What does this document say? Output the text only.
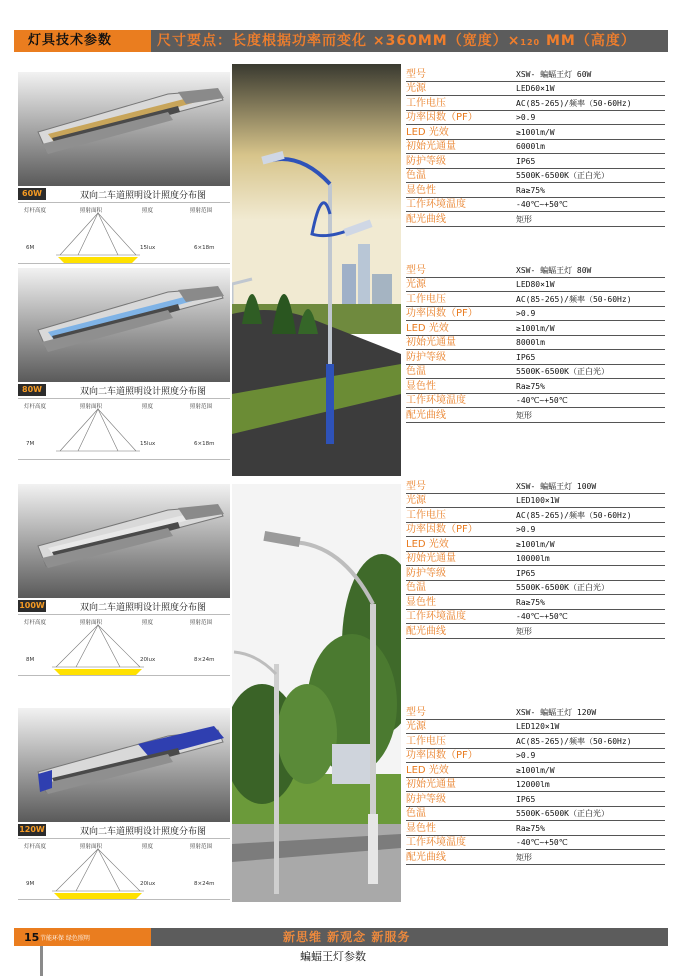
灯具技术参数	尺寸要点：长度根据功率而变化 ×360MM（宽度）×120 MM（高度）
60W	双向二车道照明设计照度分布图
灯杆高度	照射面积	照度	照射范围
6M	15lux	6×18m
80W	双向二车道照明设计照度分布图
灯杆高度	照射面积	照度	照射范围
7M	15lux	6×18m
100W	双向二车道照明设计照度分布图
灯杆高度	照射面积	照度	照射范围
8M	20lux	8×24m
120W	双向二车道照明设计照度分布图
灯杆高度	照射面积	照度	照射范围
9M	20lux	8×24m
型号	XSW- 蝙蝠王灯 60W
光源	LED60×1W
工作电压	AC(85-265)/频率（50-60Hz)
功率因数（PF）	>0.9
LED 光效	≥100lm/W
初始光通量	6000lm
防护等级	IP65
色温	5500K-6500K（正白光）
显色性	Ra≥75%
工作环境温度	-40℃~+50℃
配光曲线	矩形
型号	XSW- 蝙蝠王灯 80W
光源	LED80×1W
工作电压	AC(85-265)/频率（50-60Hz)
功率因数（PF）	>0.9
LED 光效	≥100lm/W
初始光通量	8000lm
防护等级	IP65
色温	5500K-6500K（正白光）
显色性	Ra≥75%
工作环境温度	-40℃~+50℃
配光曲线	矩形
型号	XSW- 蝙蝠王灯 100W
光源	LED100×1W
工作电压	AC(85-265)/频率（50-60Hz)
功率因数（PF）	>0.9
LED 光效	≥100lm/W
初始光通量	10000lm
防护等级	IP65
色温	5500K-6500K（正白光）
显色性	Ra≥75%
工作环境温度	-40℃~+50℃
配光曲线	矩形
型号	XSW- 蝙蝠王灯 120W
光源	LED120×1W
工作电压	AC(85-265)/频率（50-60Hz)
功率因数（PF）	>0.9
LED 光效	≥100lm/W
初始光通量	12000lm
防护等级	IP65
色温	5500K-6500K（正白光）
显色性	Ra≥75%
工作环境温度	-40℃~+50℃
配光曲线	矩形
15 节能环保 绿色照明	新思维 新观念 新服务
蝙蝠王灯参数
